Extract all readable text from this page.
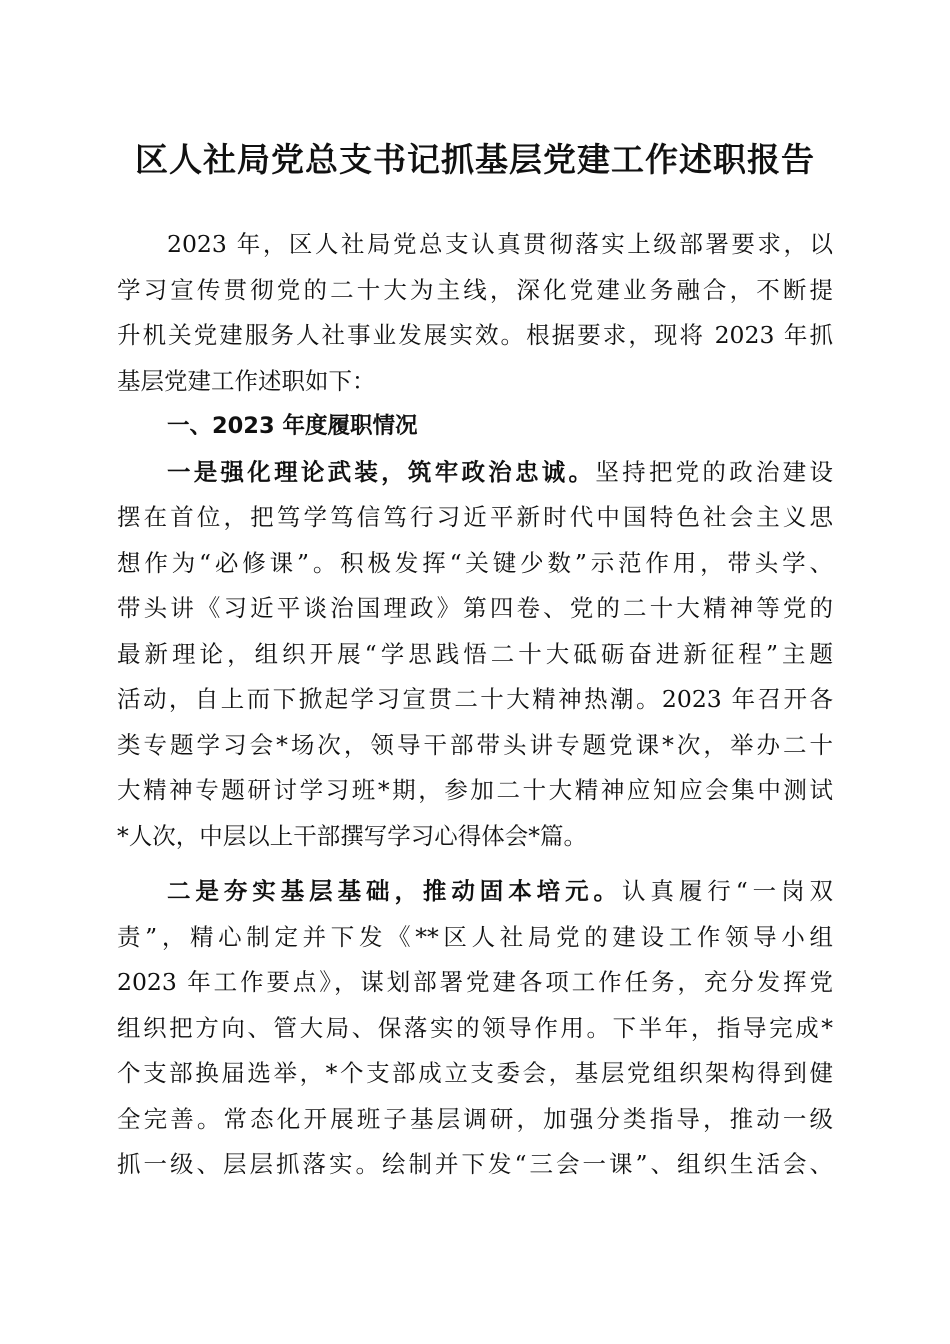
区人社局党总支书记抓基层党建工作述职报告
2023 年，区人社局党总支认真贯彻落实上级部署要求，以
学习宣传贯彻党的二十大为主线，深化党建业务融合，不断提
升机关党建服务人社事业发展实效。根据要求，现将 2023 年抓
基层党建工作述职如下：
一、2023 年度履职情况
一是强化理论武装，筑牢政治忠诚。坚持把党的政治建设
摆在首位，把笃学笃信笃行习近平新时代中国特色社会主义思
想作为“必修课”。积极发挥“关键少数”示范作用，带头学、
带头讲《习近平谈治国理政》第四卷、党的二十大精神等党的
最新理论，组织开展“学思践悟二十大砥砺奋进新征程”主题
活动，自上而下掀起学习宣贯二十大精神热潮。2023 年召开各
类专题学习会*场次，领导干部带头讲专题党课*次，举办二十
大精神专题研讨学习班*期，参加二十大精神应知应会集中测试
*人次，中层以上干部撰写学习心得体会*篇。
二是夯实基层基础，推动固本培元。认真履行“一岗双
责”，精心制定并下发《**区人社局党的建设工作领导小组
2023 年工作要点》，谋划部署党建各项工作任务，充分发挥党
组织把方向、管大局、保落实的领导作用。下半年，指导完成*
个支部换届选举，*个支部成立支委会，基层党组织架构得到健
全完善。常态化开展班子基层调研，加强分类指导，推动一级
抓一级、层层抓落实。绘制并下发“三会一课”、组织生活会、
